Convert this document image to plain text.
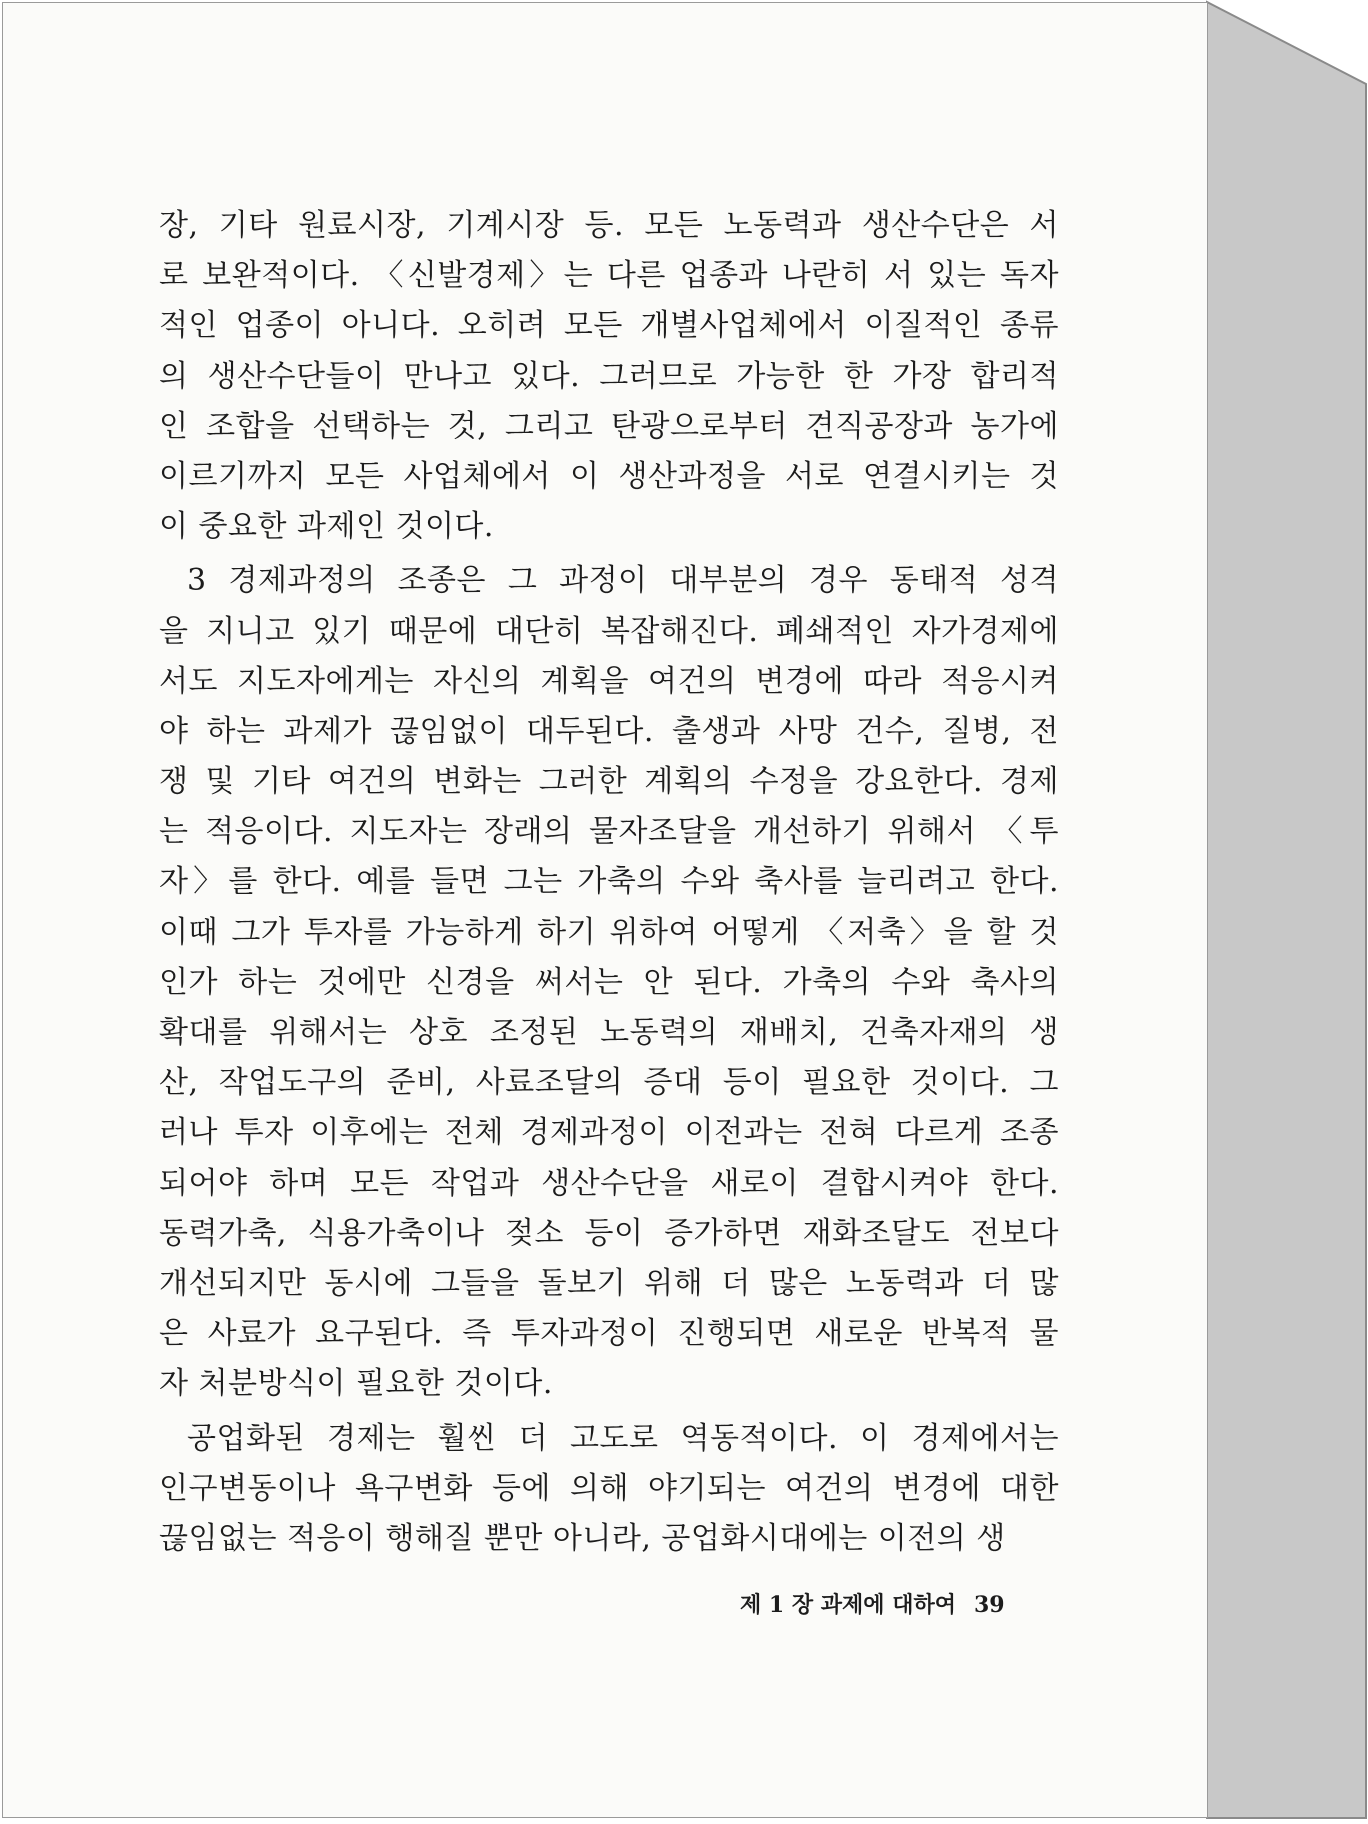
장, 기타 원료시장, 기계시장 등. 모든 노동력과 생산수단은 서
로 보완적이다. 〈신발경제〉는 다른 업종과 나란히 서 있는 독자
적인 업종이 아니다. 오히려 모든 개별사업체에서 이질적인 종류
의 생산수단들이 만나고 있다. 그러므로 가능한 한 가장 합리적
인 조합을 선택하는 것, 그리고 탄광으로부터 견직공장과 농가에
이르기까지 모든 사업체에서 이 생산과정을 서로 연결시키는 것
이 중요한 과제인 것이다.
3 경제과정의 조종은 그 과정이 대부분의 경우 동태적 성격
을 지니고 있기 때문에 대단히 복잡해진다. 폐쇄적인 자가경제에
서도 지도자에게는 자신의 계획을 여건의 변경에 따라 적응시켜
야 하는 과제가 끊임없이 대두된다. 출생과 사망 건수, 질병, 전
쟁 및 기타 여건의 변화는 그러한 계획의 수정을 강요한다. 경제
는 적응이다. 지도자는 장래의 물자조달을 개선하기 위해서 〈투
자〉를 한다. 예를 들면 그는 가축의 수와 축사를 늘리려고 한다.
이때 그가 투자를 가능하게 하기 위하여 어떻게 〈저축〉을 할 것
인가 하는 것에만 신경을 써서는 안 된다. 가축의 수와 축사의
확대를 위해서는 상호 조정된 노동력의 재배치, 건축자재의 생
산, 작업도구의 준비, 사료조달의 증대 등이 필요한 것이다. 그
러나 투자 이후에는 전체 경제과정이 이전과는 전혀 다르게 조종
되어야 하며 모든 작업과 생산수단을 새로이 결합시켜야 한다.
동력가축, 식용가축이나 젖소 등이 증가하면 재화조달도 전보다
개선되지만 동시에 그들을 돌보기 위해 더 많은 노동력과 더 많
은 사료가 요구된다. 즉 투자과정이 진행되면 새로운 반복적 물
자 처분방식이 필요한 것이다.
공업화된 경제는 훨씬 더 고도로 역동적이다. 이 경제에서는
인구변동이나 욕구변화 등에 의해 야기되는 여건의 변경에 대한
끊임없는 적응이 행해질 뿐만 아니라, 공업화시대에는 이전의 생
제 1 장 과제에 대하여 39
